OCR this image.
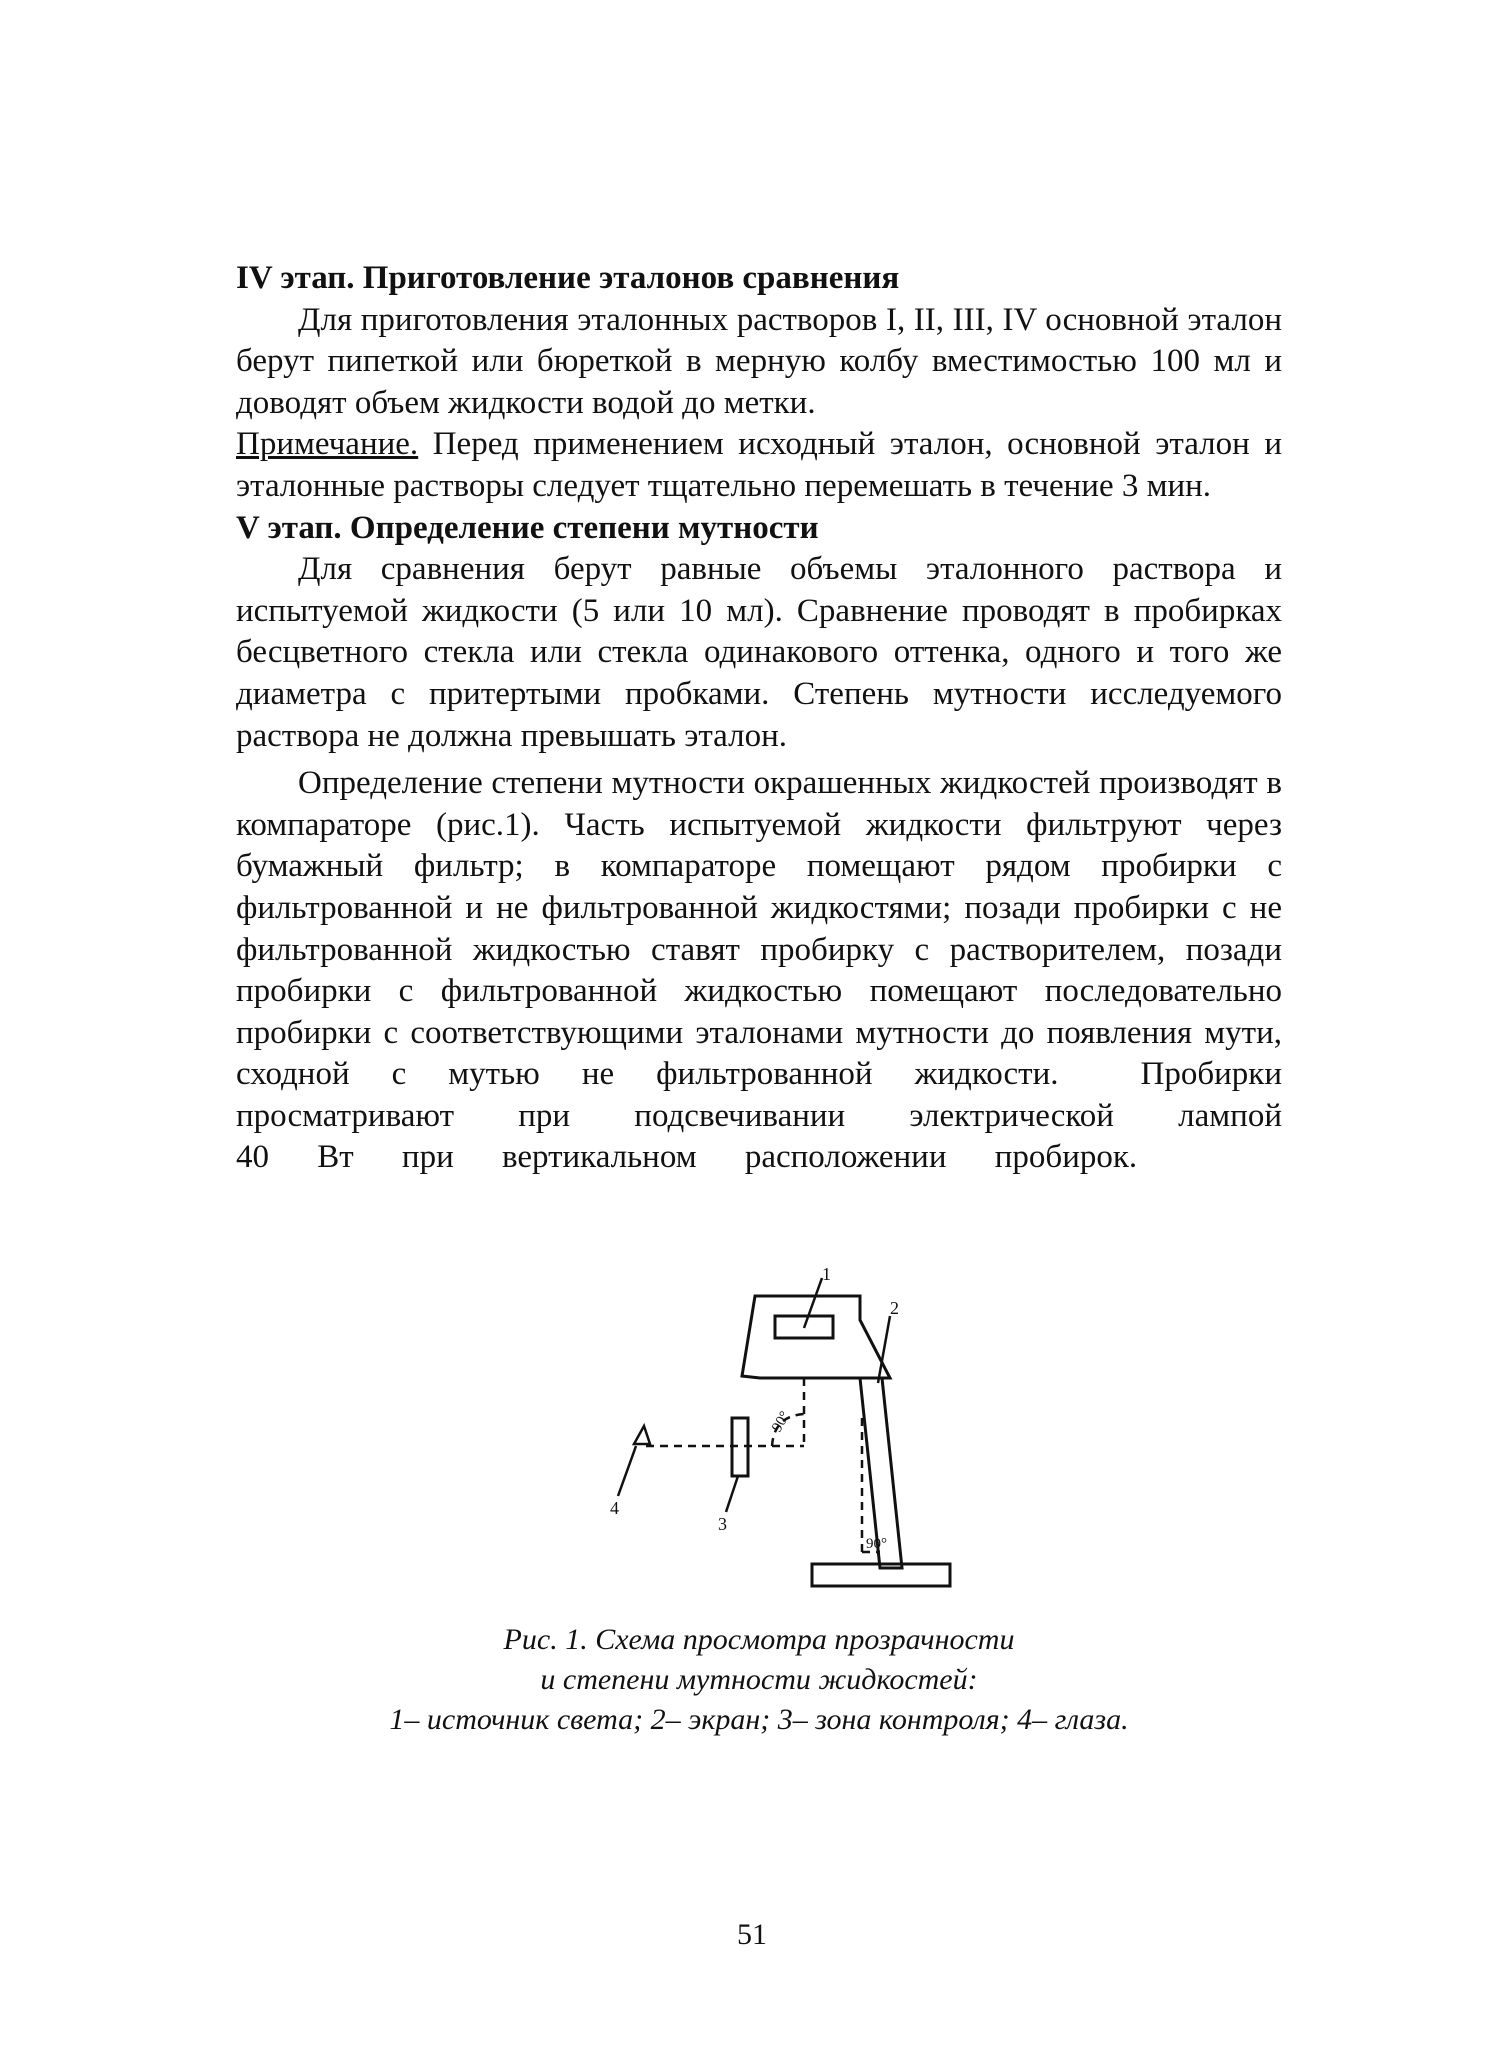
IV этап. Приготовление эталонов сравнения

Для приготовления эталонных растворов I, II, III, IV основной эталон берут пипеткой или бюреткой в мерную колбу вместимостью 100 мл и доводят объем жидкости водой до метки.

Примечание. Перед применением исходный эталон, основной эталон и эталонные растворы следует тщательно перемешать в течение 3 мин.

V этап. Определение степени мутности

Для сравнения берут равные объемы эталонного раствора и испытуемой жидкости (5 или 10 мл). Сравнение проводят в пробирках бесцветного стекла или стекла одинакового оттенка, одного и того же диаметра с притертыми пробками. Степень мутности исследуемого раствора не должна превышать эталон.

Определение степени мутности окрашенных жидкостей производят в компараторе (рис.1). Часть испытуемой жидкости фильтруют через бумажный фильтр; в компараторе помещают рядом пробирки с фильтрованной и не фильтрованной жидкостями; позади пробирки с не фильтрованной жидкостью ставят пробирку с растворителем, позади пробирки с фильтрованной жидкостью помещают последовательно пробирки с соответствующими эталонами мутности до появления мути, сходной с мутью не фильтрованной жидкости. Пробирки просматривают при подсвечивании электрической лампой 40 Вт при вертикальном расположении пробирок.

1
2
3
4
90°
90°
Рис. 1. Схема просмотра прозрачности
и степени мутности жидкостей:
1– источник света; 2– экран; 3– зона контроля; 4– глаза.
51
